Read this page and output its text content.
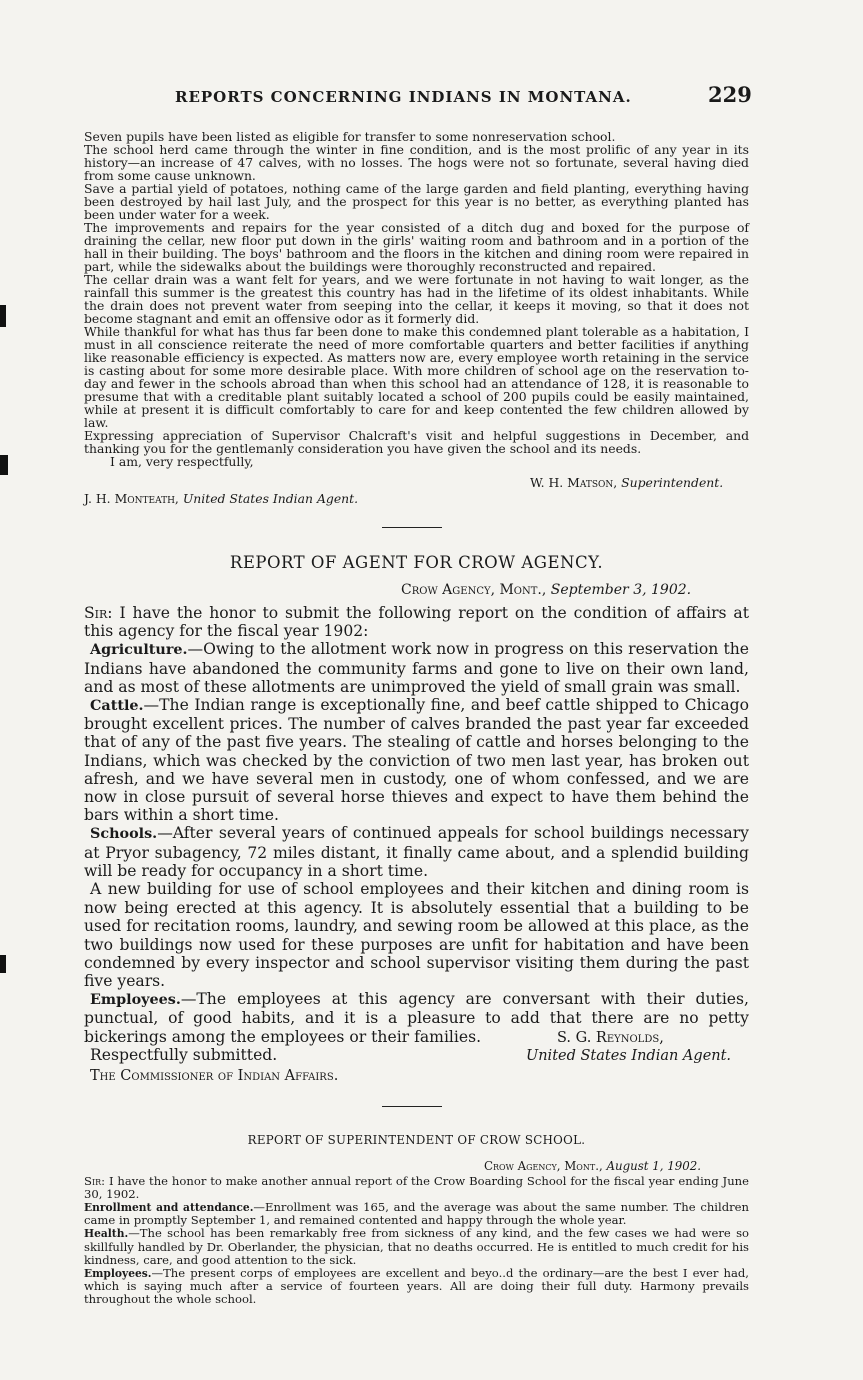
REPORTS CONCERNING INDIANS IN MONTANA.	229

Seven pupils have been listed as eligible for transfer to some nonreservation school.

The school herd came through the winter in fine condition, and is the most prolific of any year in its history—an increase of 47 calves, with no losses. The hogs were not so fortunate, several having died from some cause unknown.

Save a partial yield of potatoes, nothing came of the large garden and field planting, everything having been destroyed by hail last July, and the prospect for this year is no better, as everything planted has been under water for a week.

The improvements and repairs for the year consisted of a ditch dug and boxed for the purpose of draining the cellar, new floor put down in the girls' waiting room and bathroom and in a portion of the hall in their building. The boys' bathroom and the floors in the kitchen and dining room were repaired in part, while the sidewalks about the buildings were thoroughly reconstructed and repaired.

The cellar drain was a want felt for years, and we were fortunate in not having to wait longer, as the rainfall this summer is the greatest this country has had in the lifetime of its oldest inhabitants. While the drain does not prevent water from seeping into the cellar, it keeps it moving, so that it does not become stagnant and emit an offensive odor as it formerly did.

While thankful for what has thus far been done to make this condemned plant tolerable as a habitation, I must in all conscience reiterate the need of more comfortable quarters and better facilities if anything like reasonable efficiency is expected. As matters now are, every employee worth retaining in the service is casting about for some more desirable place. With more children of school age on the reservation to-day and fewer in the schools abroad than when this school had an attendance of 128, it is reasonable to presume that with a creditable plant suitably located a school of 200 pupils could be easily maintained, while at present it is difficult comfortably to care for and keep contented the few children allowed by law.

Expressing appreciation of Supervisor Chalcraft's visit and helpful suggestions in December, and thanking you for the gentlemanly consideration you have given the school and its needs.

I am, very respectfully,

W. H. Matson, Superintendent.
J. H. Monteath, United States Indian Agent.
REPORT OF AGENT FOR CROW AGENCY.
Crow Agency, Mont., September 3, 1902.

Sir: I have the honor to submit the following report on the condition of affairs at this agency for the fiscal year 1902:

Agriculture.—Owing to the allotment work now in progress on this reservation the Indians have abandoned the community farms and gone to live on their own land, and as most of these allotments are unimproved the yield of small grain was small.

Cattle.—The Indian range is exceptionally fine, and beef cattle shipped to Chicago brought excellent prices. The number of calves branded the past year far exceeded that of any of the past five years. The stealing of cattle and horses belonging to the Indians, which was checked by the conviction of two men last year, has broken out afresh, and we have several men in custody, one of whom confessed, and we are now in close pursuit of several horse thieves and expect to have them behind the bars within a short time.

Schools.—After several years of continued appeals for school buildings necessary at Pryor subagency, 72 miles distant, it finally came about, and a splendid building will be ready for occupancy in a short time.

A new building for use of school employees and their kitchen and dining room is now being erected at this agency. It is absolutely essential that a building to be used for recitation rooms, laundry, and sewing room be allowed at this place, as the two buildings now used for these purposes are unfit for habitation and have been condemned by every inspector and school supervisor visiting them during the past five years.

Employees.—The employees at this agency are conversant with their duties, punctual, of good habits, and it is a pleasure to add that there are no petty bickerings among the employees or their families.

Respectfully submitted.

S. G. Reynolds,
United States Indian Agent.
The Commissioner of Indian Affairs.
REPORT OF SUPERINTENDENT OF CROW SCHOOL.
Crow Agency, Mont., August 1, 1902.

Sir: I have the honor to make another annual report of the Crow Boarding School for the fiscal year ending June 30, 1902.

Enrollment and attendance.—Enrollment was 165, and the average was about the same number. The children came in promptly September 1, and remained contented and happy through the whole year.

Health.—The school has been remarkably free from sickness of any kind, and the few cases we had were so skillfully handled by Dr. Oberlander, the physician, that no deaths occurred. He is entitled to much credit for his kindness, care, and good attention to the sick.

Employees.—The present corps of employees are excellent and beyo..d the ordinary—are the best I ever had, which is saying much after a service of fourteen years. All are doing their full duty. Harmony prevails throughout the whole school.
